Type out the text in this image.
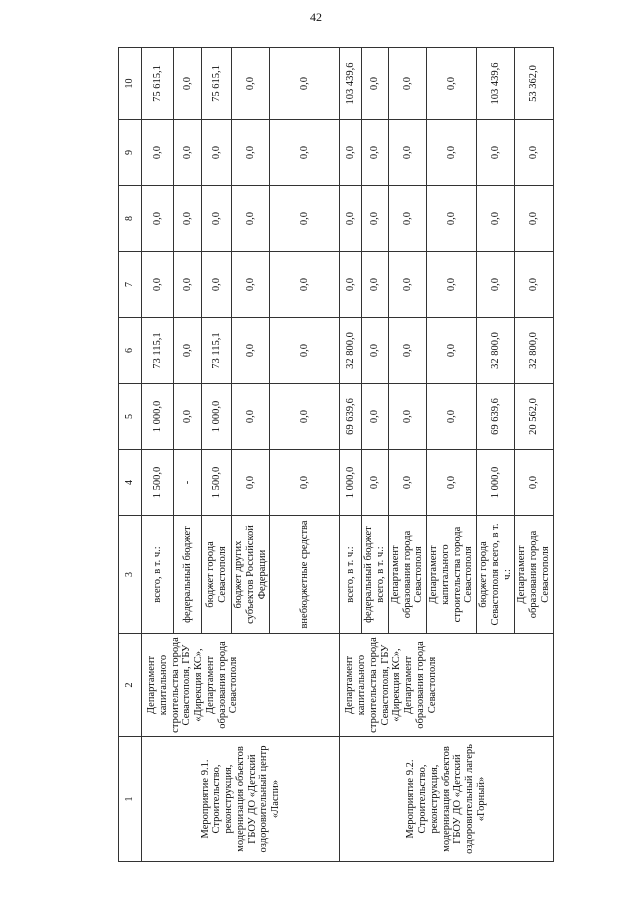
42
1	2	3	4	5	6	7	8	9	10
Мероприятие 9.1. Строительство, реконструкция, модернизация объектов ГБОУ ДО «Детский оздоровительный центр «Ласпи»	Департамент капитального строительства города Севастополя, ГБУ «Дирекция КС», Департамент образования города Севастополя	всего, в т. ч.:	1 500,0	1 000,0	73 115,1	0,0	0,0	0,0	75 615,1
		федеральный бюджет	-	0,0	0,0	0,0	0,0	0,0	0,0
		бюджет города Севастополя	1 500,0	1 000,0	73 115,1	0,0	0,0	0,0	75 615,1
		бюджет других субъектов Российской Федерации	0,0	0,0	0,0	0,0	0,0	0,0	0,0
		внебюджетные средства	0,0	0,0	0,0	0,0	0,0	0,0	0,0
Мероприятие 9.2. Строительство, реконструкция, модернизация объектов ГБОУ ДО «Детский оздоровительный лагерь «Горный»	Департамент капитального строительства города Севастополя, ГБУ «Дирекция КС», Департамент образования города Севастополя	всего, в т. ч.:	1 000,0	69 639,6	32 800,0	0,0	0,0	0,0	103 439,6
		федеральный бюджет всего, в т. ч.:	0,0	0,0	0,0	0,0	0,0	0,0	0,0
		Департамент образования города Севастополя	0,0	0,0	0,0	0,0	0,0	0,0	0,0
		Департамент капитального строительства города Севастополя	0,0	0,0	0,0	0,0	0,0	0,0	0,0
		бюджет города Севастополя всего, в т. ч.:	1 000,0	69 639,6	32 800,0	0,0	0,0	0,0	103 439,6
		Департамент образования города Севастополя	0,0	20 562,0	32 800,0	0,0	0,0	0,0	53 362,0
